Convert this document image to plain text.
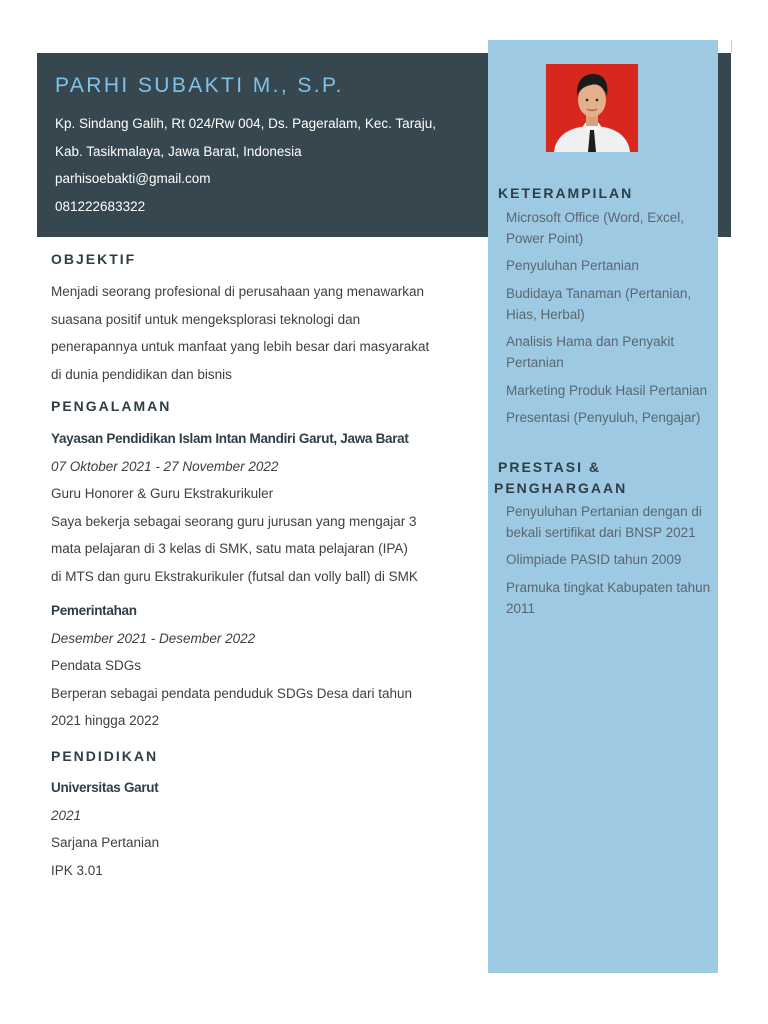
PARHI SUBAKTI M., S.P.
Kp. Sindang Galih, Rt 024/Rw 004, Ds. Pageralam, Kec. Taraju,
Kab. Tasikmalaya, Jawa Barat, Indonesia
parhisoebakti@gmail.com
081222683322
OBJEKTIF
Menjadi seorang profesional di perusahaan yang menawarkan
suasana positif untuk mengeksplorasi teknologi dan
penerapannya untuk manfaat yang lebih besar dari masyarakat
di dunia pendidikan dan bisnis
PENGALAMAN
Yayasan Pendidikan Islam Intan Mandiri Garut, Jawa Barat
07 Oktober 2021 - 27 November 2022
Guru Honorer & Guru Ekstrakurikuler
Saya bekerja sebagai seorang guru jurusan yang mengajar 3
mata pelajaran di 3 kelas di SMK, satu mata pelajaran (IPA)
di MTS dan guru Ekstrakurikuler (futsal dan volly ball) di SMK
Pemerintahan
Desember 2021 - Desember 2022
Pendata SDGs
Berperan sebagai pendata penduduk SDGs Desa dari tahun
2021 hingga 2022
PENDIDIKAN
Universitas Garut
2021
Sarjana Pertanian
IPK 3.01
KETERAMPILAN
Microsoft Office (Word, Excel, Power Point)
Penyuluhan Pertanian
Budidaya Tanaman (Pertanian, Hias, Herbal)
Analisis Hama dan Penyakit Pertanian
Marketing Produk Hasil Pertanian
Presentasi (Penyuluh, Pengajar)
PRESTASI &
PENGHARGAAN
Penyuluhan Pertanian dengan di bekali sertifikat dari BNSP 2021
Olimpiade PASID tahun 2009
Pramuka tingkat Kabupaten tahun 2011
